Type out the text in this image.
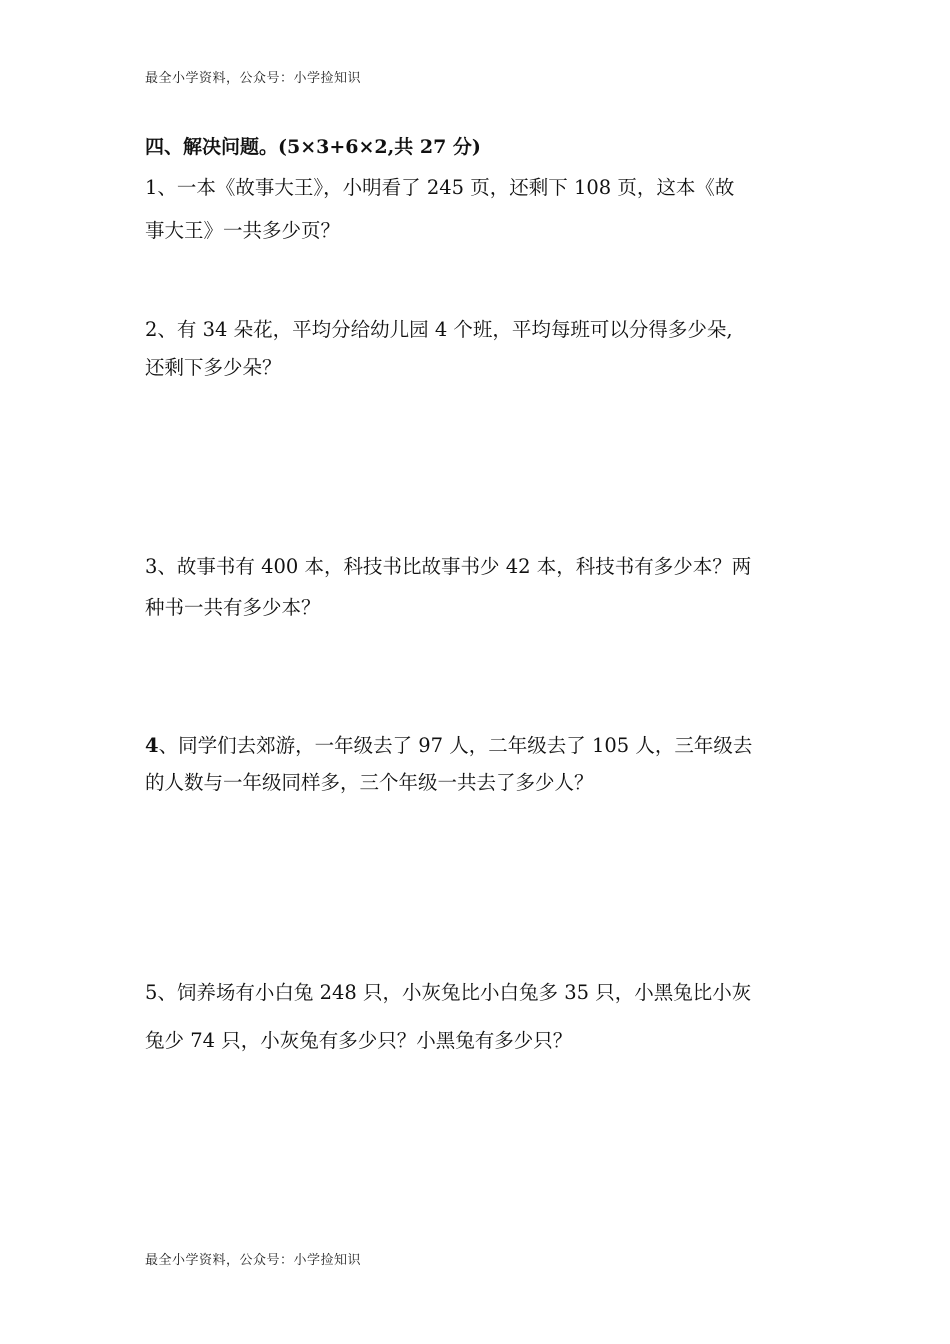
最全小学资料，公众号：小学捡知识
四、解决问题。(5×3+6×2,共 27 分)
1、一本《故事大王》，小明看了 245 页，还剩下 108 页，这本《故
事大王》一共多少页？
2、有 34 朵花，平均分给幼儿园 4 个班，平均每班可以分得多少朵,
还剩下多少朵？
3、故事书有 400 本，科技书比故事书少 42 本，科技书有多少本？两
种书一共有多少本？
4、同学们去郊游，一年级去了 97 人，二年级去了 105 人，三年级去
的人数与一年级同样多，三个年级一共去了多少人？
5、饲养场有小白兔 248 只，小灰兔比小白兔多 35 只，小黑兔比小灰
兔少 74 只，小灰兔有多少只？小黑兔有多少只？
最全小学资料，公众号：小学捡知识
